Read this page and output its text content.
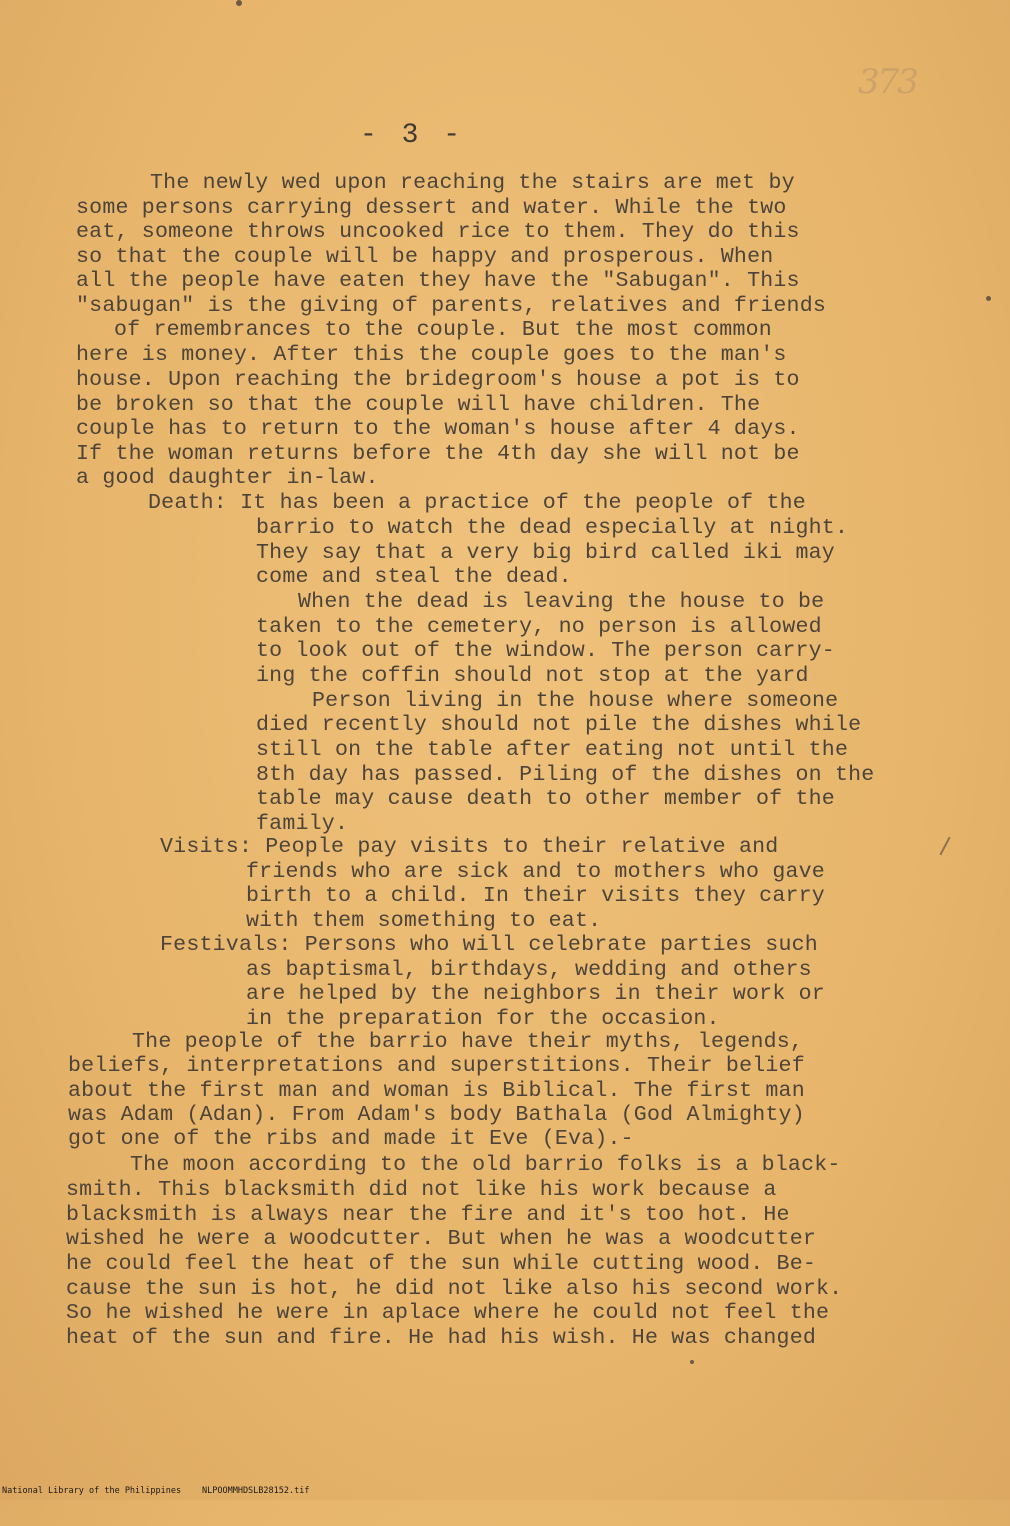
373
- 3 -
The newly wed upon reaching the stairs are met by
some persons carrying dessert and water. While the two
eat, someone throws uncooked rice to them. They do this
so that the couple will be happy and prosperous. When
all the people have eaten they have the "Sabugan". This
"sabugan" is the giving of parents, relatives and friends
of remembrances to the couple. But the most common
here is money. After this the couple goes to the man's
house. Upon reaching the bridegroom's house a pot is to
be broken so that the couple will have children. The
couple has to return to the woman's house after 4 days.
If the woman returns before the 4th day she will not be
a good daughter in-law.
Death: It has been a practice of the people of the
barrio to watch the dead especially at night.
They say that a very big bird called iki may
come and steal the dead.
When the dead is leaving the house to be
taken to the cemetery, no person is allowed
to look out of the window. The person carry-
ing the coffin should not stop at the yard
Person living in the house where someone
died recently should not pile the dishes while
still on the table after eating not until the
8th day has passed. Piling of the dishes on the
table may cause death to other member of the
family.
Visits: People pay visits to their relative and
friends who are sick and to mothers who gave
birth to a child. In their visits they carry
with them something to eat.
Festivals: Persons who will celebrate parties such
as baptismal, birthdays, wedding and others
are helped by the neighbors in their work or
in the preparation for the occasion.
The people of the barrio have their myths, legends,
beliefs, interpretations and superstitions. Their belief
about the first man and woman is Biblical. The first man
was Adam (Adan). From Adam's body Bathala (God Almighty)
got one of the ribs and made it Eve (Eva).-
The moon according to the old barrio folks is a black-
smith. This blacksmith did not like his work because a
blacksmith is always near the fire and it's too hot. He
wished he were a woodcutter. But when he was a woodcutter
he could feel the heat of the sun while cutting wood. Be-
cause the sun is hot, he did not like also his second work.
So he wished he were in aplace where he could not feel the
heat of the sun and fire. He had his wish. He was changed

National Library of the Philippines

NLPOOMMHDSLB28152.tif
